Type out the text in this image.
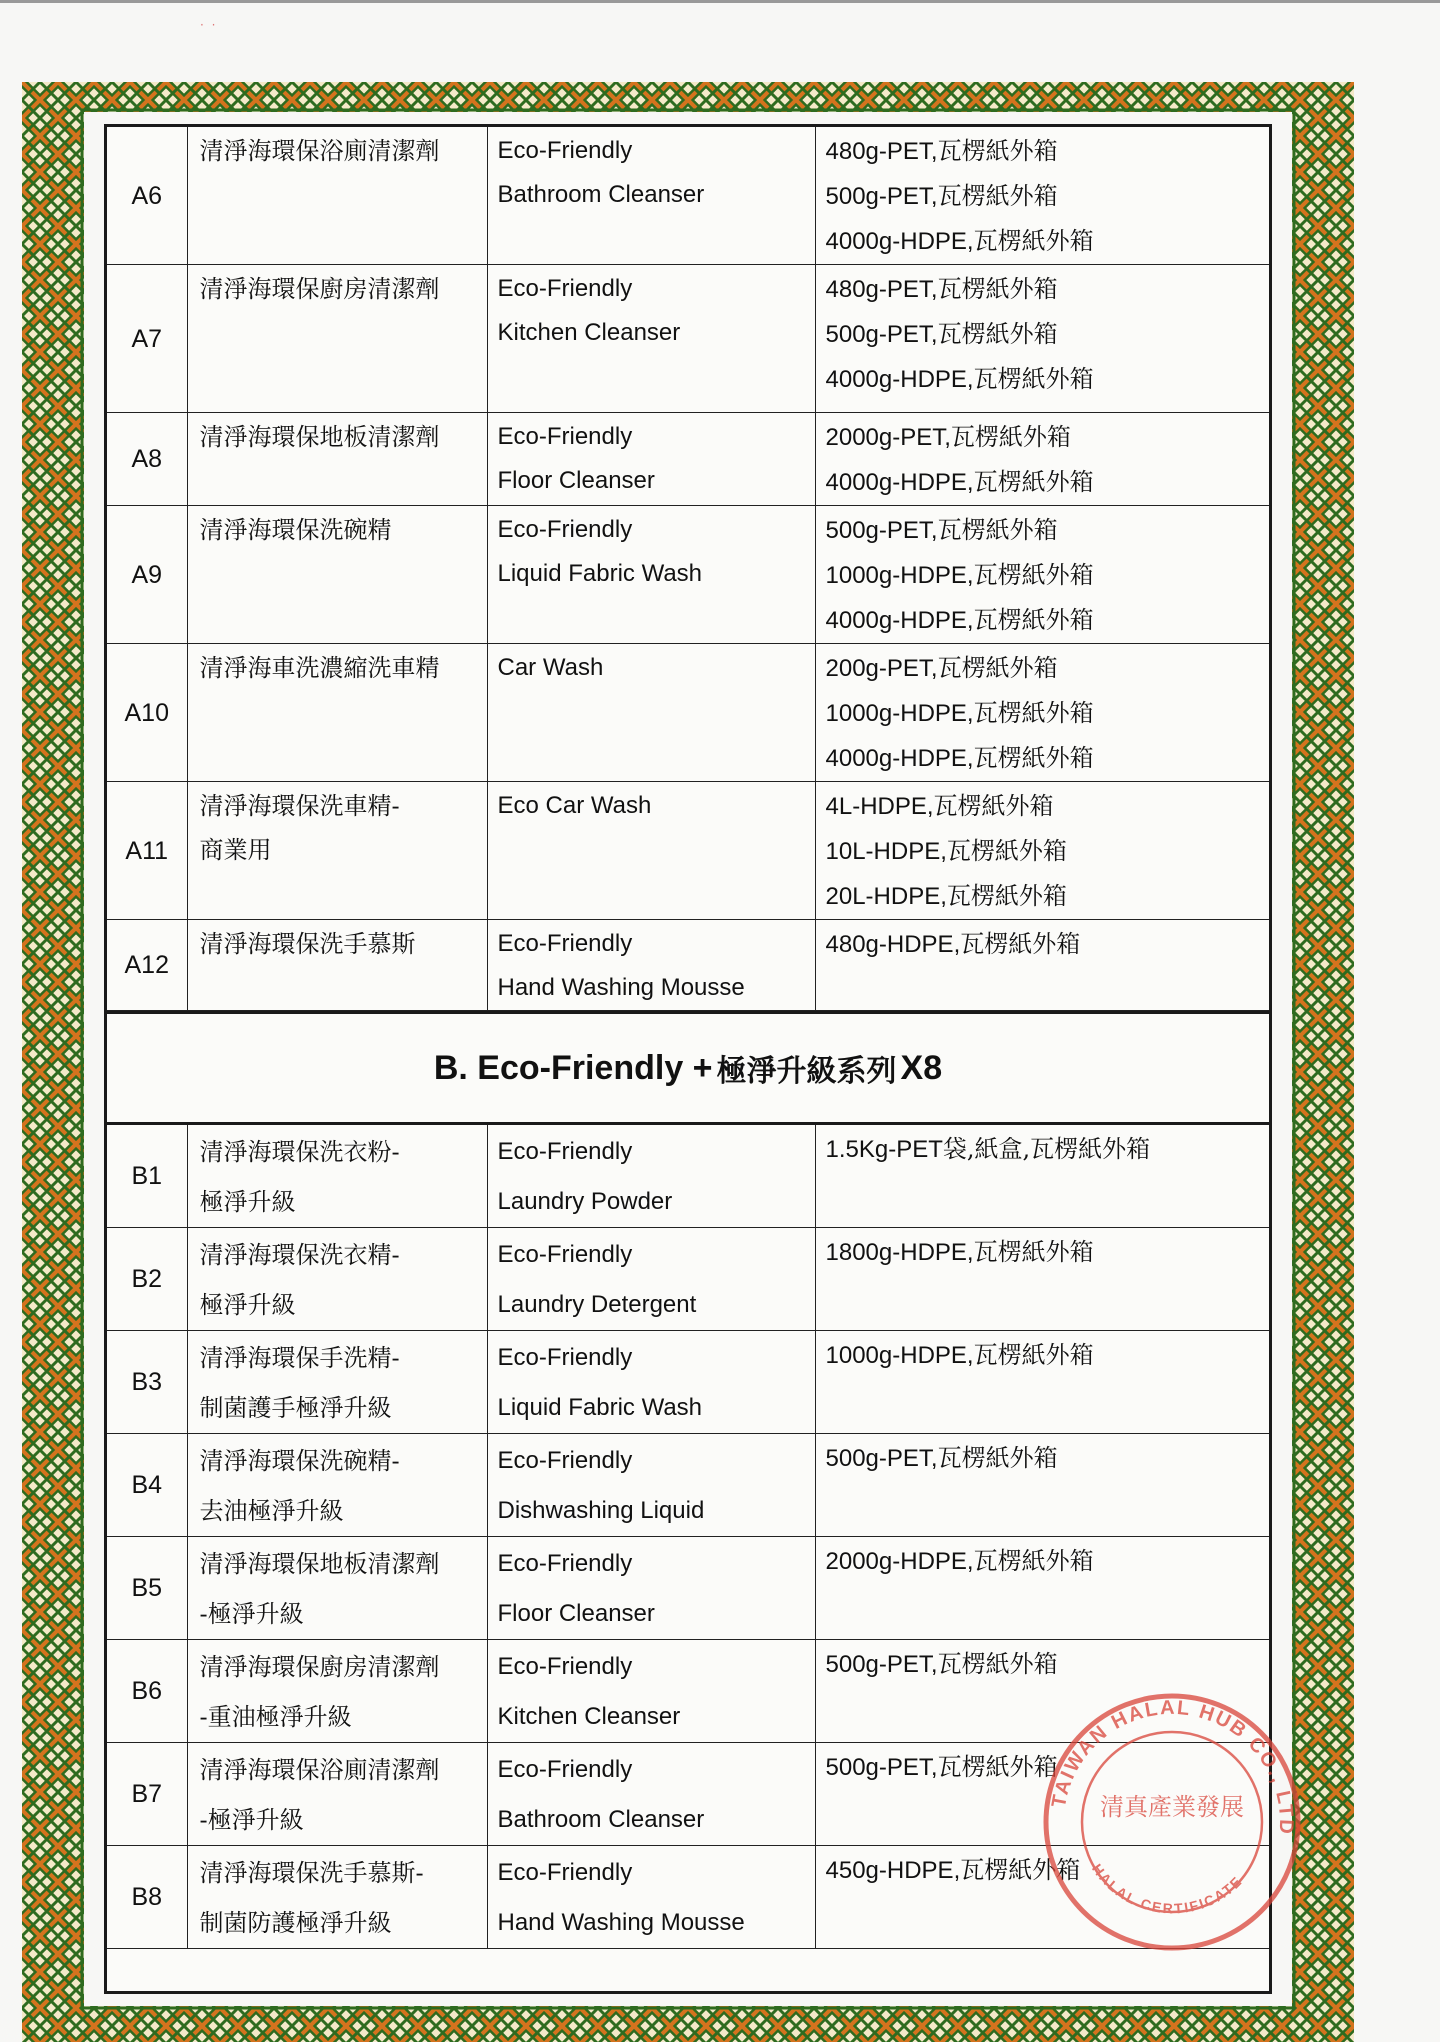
· ·
A6	清淨海環保浴廁清潔劑	Eco-Friendly
Bathroom Cleanser	480g-PET,瓦楞紙外箱
500g-PET,瓦楞紙外箱
4000g-HDPE,瓦楞紙外箱

A7	清淨海環保廚房清潔劑	Eco-Friendly
Kitchen Cleanser	480g-PET,瓦楞紙外箱
500g-PET,瓦楞紙外箱
4000g-HDPE,瓦楞紙外箱

A8	清淨海環保地板清潔劑	Eco-Friendly
Floor Cleanser	2000g-PET,瓦楞紙外箱
4000g-HDPE,瓦楞紙外箱

A9	清淨海環保洗碗精	Eco-Friendly
Liquid Fabric Wash	500g-PET,瓦楞紙外箱
1000g-HDPE,瓦楞紙外箱
4000g-HDPE,瓦楞紙外箱

A10	清淨海車洗濃縮洗車精	Car Wash	200g-PET,瓦楞紙外箱
1000g-HDPE,瓦楞紙外箱
4000g-HDPE,瓦楞紙外箱

A11	清淨海環保洗車精-
商業用	Eco Car Wash	4L-HDPE,瓦楞紙外箱
10L-HDPE,瓦楞紙外箱
20L-HDPE,瓦楞紙外箱

A12	清淨海環保洗手慕斯	Eco-Friendly
Hand Washing Mousse	480g-HDPE,瓦楞紙外箱
B. Eco-Friendly + 極淨升級系列 X8
B1	清淨海環保洗衣粉-
極淨升級	Eco-Friendly
Laundry Powder	1.5Kg-PET袋,紙盒,瓦楞紙外箱

B2	清淨海環保洗衣精-
極淨升級	Eco-Friendly
Laundry Detergent	1800g-HDPE,瓦楞紙外箱

B3	清淨海環保手洗精-
制菌護手極淨升級	Eco-Friendly
Liquid Fabric Wash	1000g-HDPE,瓦楞紙外箱

B4	清淨海環保洗碗精-
去油極淨升級	Eco-Friendly
Dishwashing Liquid	500g-PET,瓦楞紙外箱

B5	清淨海環保地板清潔劑
-極淨升級	Eco-Friendly
Floor Cleanser	2000g-HDPE,瓦楞紙外箱

B6	清淨海環保廚房清潔劑
-重油極淨升級	Eco-Friendly
Kitchen Cleanser	500g-PET,瓦楞紙外箱

B7	清淨海環保浴廁清潔劑
-極淨升級	Eco-Friendly
Bathroom Cleanser	500g-PET,瓦楞紙外箱

B8	清淨海環保洗手慕斯-
制菌防護極淨升級	Eco-Friendly
Hand Washing Mousse	450g-HDPE,瓦楞紙外箱
TAIWAN HALAL HUB CO., LTD
清真產業發展
HALAL CERTIFICATE
